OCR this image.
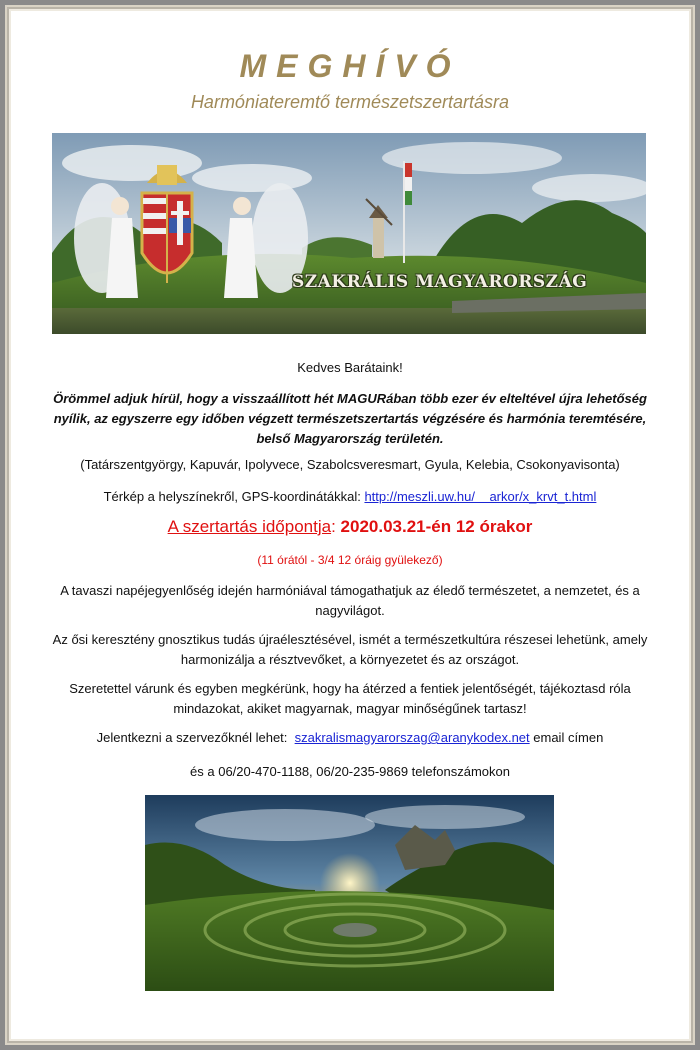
MEGHÍVÓ
Harmóniateremtő természetszertartásra
SZAKRÁLIS MAGYARORSZÁG
Kedves Barátaink!
Örömmel adjuk hírül, hogy a visszaállított hét MAGURában több ezer év elteltével újra lehetőség nyílik, az egyszerre egy időben végzett természetszertartás végzésére és harmónia teremtésére, belső Magyarország területén.
(Tatárszentgyörgy, Kapuvár, Ipolyvece, Szabolcsveresmart, Gyula, Kelebia, Csokonyavisonta)
Térkép a helyszínekről, GPS-koordinátákkal: http://meszli.uw.hu/    arkor/x_krvt_t.html
A szertartás időpontja: 2020.03.21-én 12 órakor
(11 órától - 3/4 12 óráig gyülekező)
A tavaszi napéjegyenlőség idején harmóniával támogathatjuk az éledő természetet, a nemzetet, és a nagyvilágot.
Az ősi keresztény gnosztikus tudás újraélesztésével, ismét a természetkultúra részesei lehetünk, amely harmonizálja a résztvevőket, a környezetet és az országot.
Szeretettel várunk és egyben megkérünk, hogy ha átérzed a fentiek jelentőségét, tájékoztasd róla mindazokat, akiket magyarnak, magyar minőségűnek tartasz!
Jelentkezni a szervezőknél lehet:  szakralismagyarorszag@aranykodex.net email címen
és a 06/20-470-1188, 06/20-235-9869 telefonszámokon
